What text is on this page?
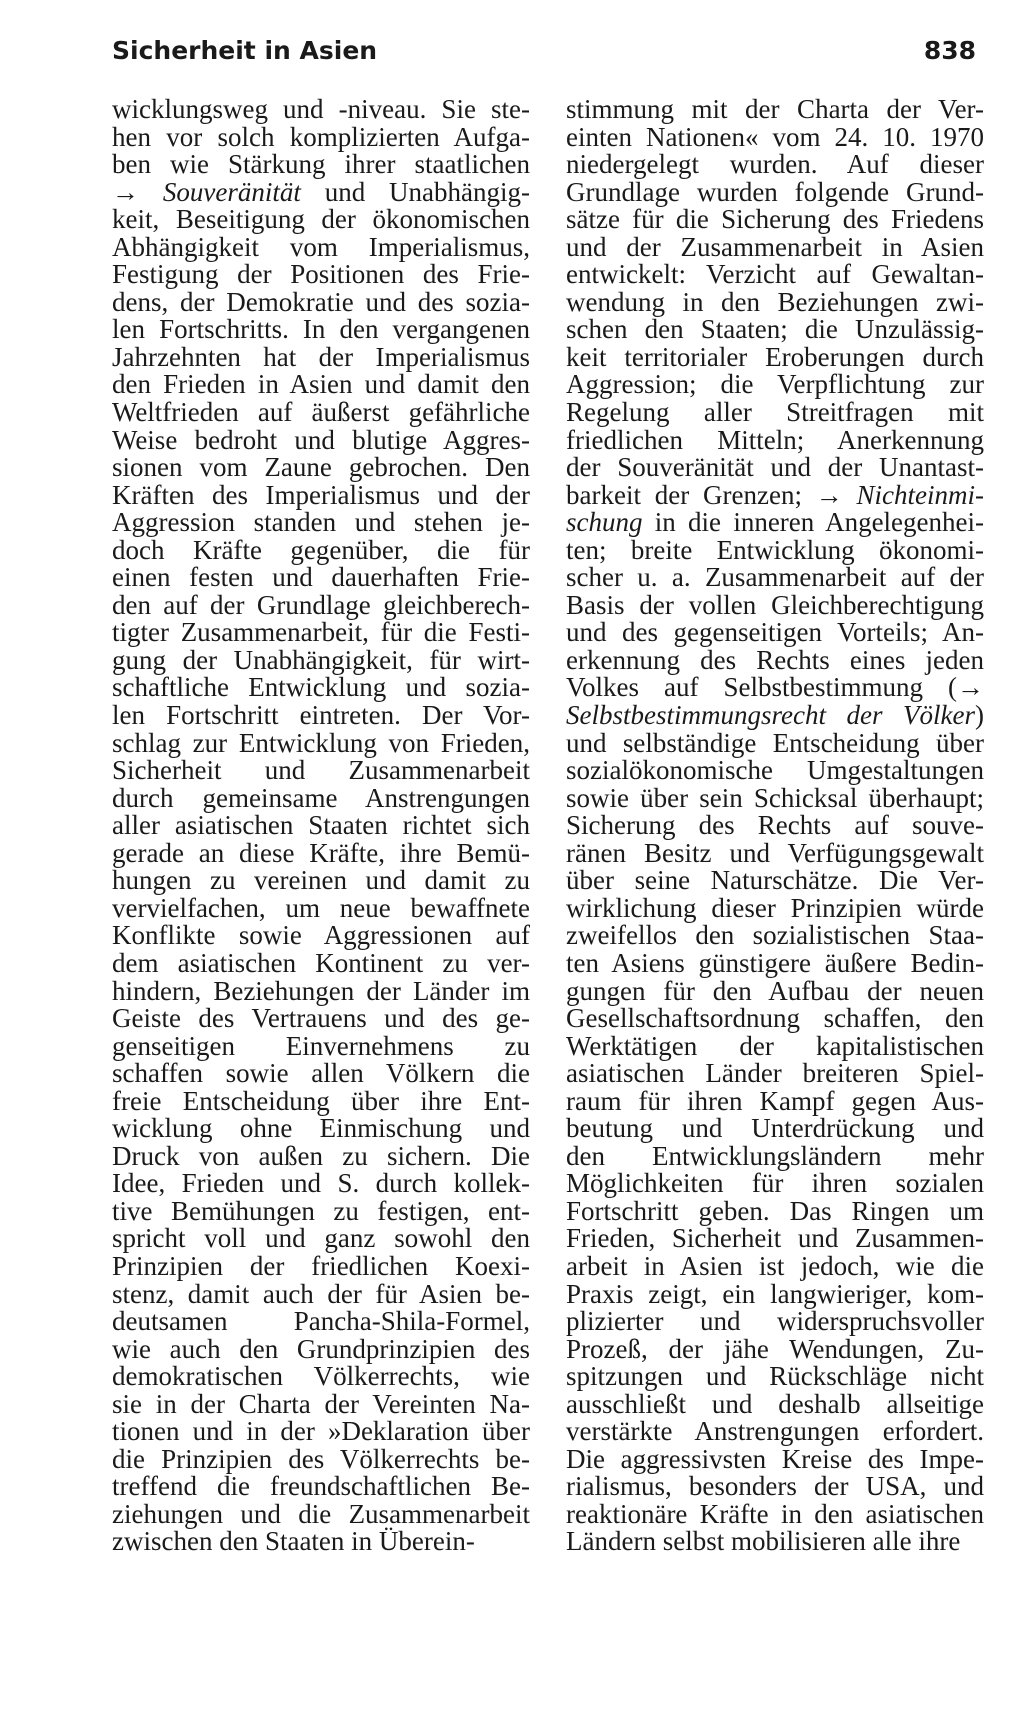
Sicherheit in Asien	838
wicklungsweg und -niveau. Sie ste-
hen vor solch komplizierten Aufga-
ben wie Stärkung ihrer staatlichen
→ Souveränität und Unabhängig-
keit, Beseitigung der ökonomischen
Abhängigkeit vom Imperialismus,
Festigung der Positionen des Frie-
dens, der Demokratie und des sozia-
len Fortschritts. In den vergangenen
Jahrzehnten hat der Imperialismus
den Frieden in Asien und damit den
Weltfrieden auf äußerst gefährliche
Weise bedroht und blutige Aggres-
sionen vom Zaune gebrochen. Den
Kräften des Imperialismus und der
Aggression standen und stehen je-
doch Kräfte gegenüber, die für
einen festen und dauerhaften Frie-
den auf der Grundlage gleichberech-
tigter Zusammenarbeit, für die Festi-
gung der Unabhängigkeit, für wirt-
schaftliche Entwicklung und sozia-
len Fortschritt eintreten. Der Vor-
schlag zur Entwicklung von Frieden,
Sicherheit und Zusammenarbeit
durch gemeinsame Anstrengungen
aller asiatischen Staaten richtet sich
gerade an diese Kräfte, ihre Bemü-
hungen zu vereinen und damit zu
vervielfachen, um neue bewaffnete
Konflikte sowie Aggressionen auf
dem asiatischen Kontinent zu ver-
hindern, Beziehungen der Länder im
Geiste des Vertrauens und des ge-
genseitigen Einvernehmens zu
schaffen sowie allen Völkern die
freie Entscheidung über ihre Ent-
wicklung ohne Einmischung und
Druck von außen zu sichern. Die
Idee, Frieden und S. durch kollek-
tive Bemühungen zu festigen, ent-
spricht voll und ganz sowohl den
Prinzipien der friedlichen Koexi-
stenz, damit auch der für Asien be-
deutsamen Pancha-Shila-Formel,
wie auch den Grundprinzipien des
demokratischen Völkerrechts, wie
sie in der Charta der Vereinten Na-
tionen und in der »Deklaration über
die Prinzipien des Völkerrechts be-
treffend die freundschaftlichen Be-
ziehungen und die Zusammenarbeit
zwischen den Staaten in Überein-
stimmung mit der Charta der Ver-
einten Nationen« vom 24. 10. 1970
niedergelegt wurden. Auf dieser
Grundlage wurden folgende Grund-
sätze für die Sicherung des Friedens
und der Zusammenarbeit in Asien
entwickelt: Verzicht auf Gewaltan-
wendung in den Beziehungen zwi-
schen den Staaten; die Unzulässig-
keit territorialer Eroberungen durch
Aggression; die Verpflichtung zur
Regelung aller Streitfragen mit
friedlichen Mitteln; Anerkennung
der Souveränität und der Unantast-
barkeit der Grenzen; → Nichteinmi-
schung in die inneren Angelegenhei-
ten; breite Entwicklung ökonomi-
scher u. a. Zusammenarbeit auf der
Basis der vollen Gleichberechtigung
und des gegenseitigen Vorteils; An-
erkennung des Rechts eines jeden
Volkes auf Selbstbestimmung (→
Selbstbestimmungsrecht der Völker)
und selbständige Entscheidung über
sozialökonomische Umgestaltungen
sowie über sein Schicksal überhaupt;
Sicherung des Rechts auf souve-
ränen Besitz und Verfügungsgewalt
über seine Naturschätze. Die Ver-
wirklichung dieser Prinzipien würde
zweifellos den sozialistischen Staa-
ten Asiens günstigere äußere Bedin-
gungen für den Aufbau der neuen
Gesellschaftsordnung schaffen, den
Werktätigen der kapitalistischen
asiatischen Länder breiteren Spiel-
raum für ihren Kampf gegen Aus-
beutung und Unterdrückung und
den Entwicklungsländern mehr
Möglichkeiten für ihren sozialen
Fortschritt geben. Das Ringen um
Frieden, Sicherheit und Zusammen-
arbeit in Asien ist jedoch, wie die
Praxis zeigt, ein langwieriger, kom-
plizierter und widerspruchsvoller
Prozeß, der jähe Wendungen, Zu-
spitzungen und Rückschläge nicht
ausschließt und deshalb allseitige
verstärkte Anstrengungen erfordert.
Die aggressivsten Kreise des Impe-
rialismus, besonders der USA, und
reaktionäre Kräfte in den asiatischen
Ländern selbst mobilisieren alle ihre
